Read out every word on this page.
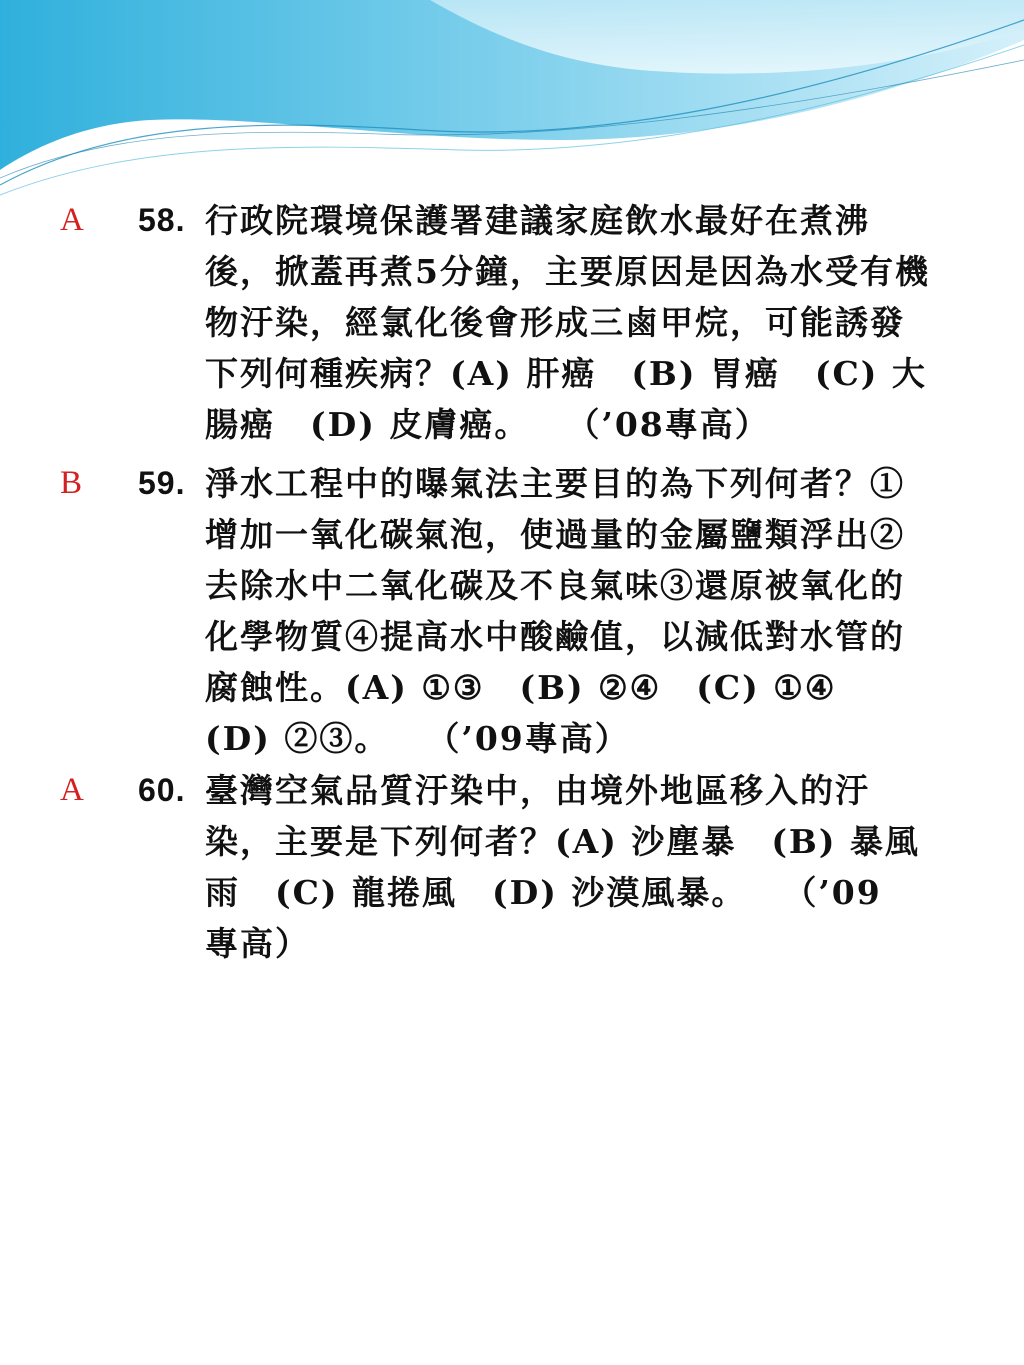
A 58. 行政院環境保護署建議家庭飲水最好在煮沸
後，掀蓋再煮5分鐘，主要原因是因為水受有機
物汙染，經氯化後會形成三鹵甲烷，可能誘發
下列何種疾病？(A) 肝癌　(B) 胃癌　(C) 大
腸癌　(D) 皮膚癌。　　（’08專高）
B 59. 淨水工程中的曝氣法主要目的為下列何者？①
增加一氧化碳氣泡，使過量的金屬鹽類浮出②
去除水中二氧化碳及不良氣味③還原被氧化的
化學物質④提高水中酸鹼值，以減低對水管的
腐蝕性。(A) ①③　(B) ②④　(C) ①④
(D) ②③。　　（’09專高）
A 60. 臺灣空氣品質汙染中，由境外地區移入的汙
染，主要是下列何者？(A) 沙塵暴　(B) 暴風
雨　(C) 龍捲風　(D) 沙漠風暴。　　（’09
專高）
